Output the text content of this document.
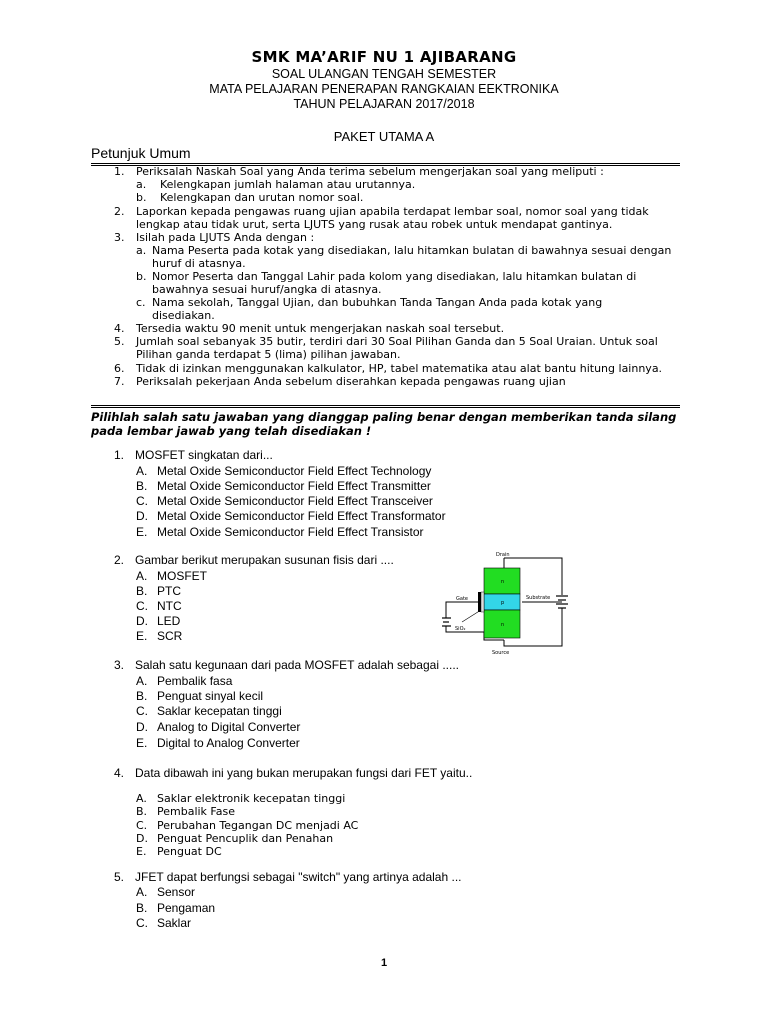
SMK MA’ARIF NU 1 AJIBARANG
SOAL ULANGAN TENGAH SEMESTER
MATA PELAJARAN PENERAPAN RANGKAIAN EEKTRONIKA
TAHUN PELAJARAN 2017/2018
PAKET UTAMA A
Petunjuk Umum
1. Periksalah Naskah Soal yang Anda terima sebelum mengerjakan soal yang meliputi :
a. Kelengkapan jumlah halaman atau urutannya.
b. Kelengkapan dan urutan nomor soal.
2. Laporkan kepada pengawas ruang ujian apabila terdapat lembar soal, nomor soal yang tidak
lengkap atau tidak urut, serta LJUTS yang rusak atau robek untuk mendapat gantinya.
3. Isilah pada LJUTS Anda dengan :
a. Nama Peserta pada kotak yang disediakan, lalu hitamkan bulatan di bawahnya sesuai dengan
huruf di atasnya.
b. Nomor Peserta dan Tanggal Lahir pada kolom yang disediakan, lalu hitamkan bulatan di
bawahnya sesuai huruf/angka di atasnya.
c. Nama sekolah, Tanggal Ujian, dan bubuhkan Tanda Tangan Anda pada kotak yang
disediakan.
4. Tersedia waktu 90 menit untuk mengerjakan naskah soal tersebut.
5. Jumlah soal sebanyak 35 butir, terdiri dari 30 Soal Pilihan Ganda dan 5 Soal Uraian. Untuk soal
Pilihan ganda terdapat 5 (lima) pilihan jawaban.
6. Tidak di izinkan menggunakan kalkulator, HP, tabel matematika atau alat bantu hitung lainnya.
7. Periksalah pekerjaan Anda sebelum diserahkan kepada pengawas ruang ujian
Pilihlah salah satu jawaban yang dianggap paling benar dengan memberikan tanda silang
pada lembar jawab yang telah disediakan !
1. MOSFET singkatan dari...
A. Metal Oxide Semiconductor Field Effect Technology
B. Metal Oxide Semiconductor Field Effect Transmitter
C. Metal Oxide Semiconductor Field Effect Transceiver
D. Metal Oxide Semiconductor Field Effect Transformator
E. Metal Oxide Semiconductor Field Effect Transistor
2. Gambar berikut merupakan susunan fisis dari ....
A. MOSFET
B. PTC
C. NTC
D. LED
E. SCR
Drain
Source
Gate	Substrate
SiO₂
n
p
n
3. Salah satu kegunaan dari pada MOSFET adalah sebagai .....
A. Pembalik fasa
B. Penguat sinyal kecil
C. Saklar kecepatan tinggi
D. Analog to Digital Converter
E. Digital to Analog Converter
4. Data dibawah ini yang bukan merupakan fungsi dari FET yaitu..
A. Saklar elektronik kecepatan tinggi
B. Pembalik Fase
C. Perubahan Tegangan DC menjadi AC
D. Penguat Pencuplik dan Penahan
E. Penguat DC
5. JFET dapat berfungsi sebagai "switch" yang artinya adalah ...
A. Sensor
B. Pengaman
C. Saklar
1
